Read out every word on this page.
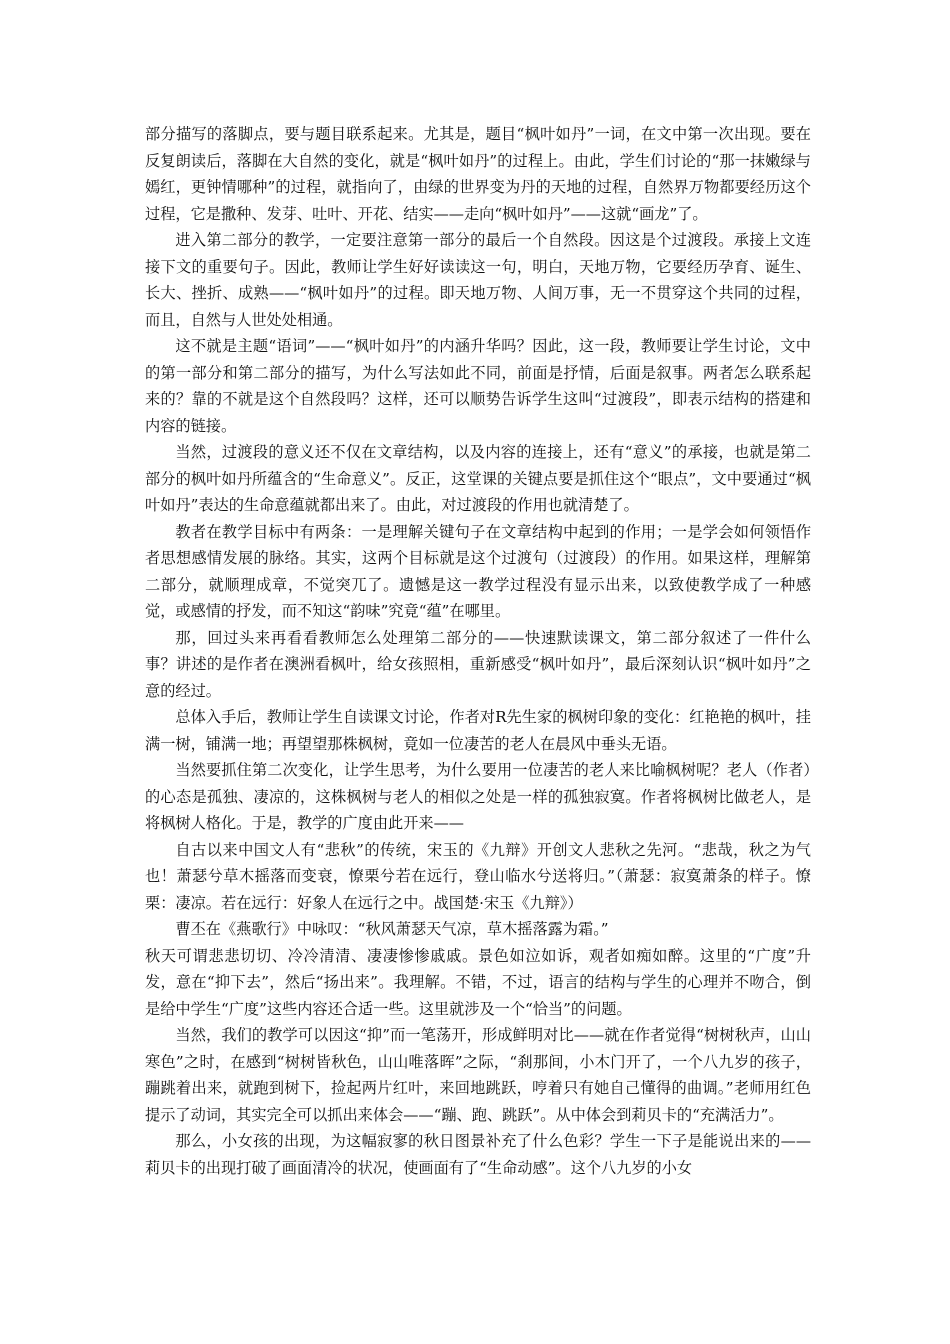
部分描写的落脚点，要与题目联系起来。尤其是，题目“枫叶如丹”一词，在文中第一次出现。要在反复朗读后，落脚在大自然的变化，就是“枫叶如丹”的过程上。由此，学生们讨论的“那一抹嫩绿与嫣红，更钟情哪种”的过程，就指向了，由绿的世界变为丹的天地的过程，自然界万物都要经历这个过程，它是撒种、发芽、吐叶、开花、结实——走向“枫叶如丹”——这就“画龙”了。

进入第二部分的教学，一定要注意第一部分的最后一个自然段。因这是个过渡段。承接上文连接下文的重要句子。因此，教师让学生好好读读这一句，明白，天地万物，它要经历孕育、诞生、长大、挫折、成熟——“枫叶如丹”的过程。即天地万物、人间万事，无一不贯穿这个共同的过程，而且，自然与人世处处相通。

这不就是主题“语词”——“枫叶如丹”的内涵升华吗？因此，这一段，教师要让学生讨论，文中的第一部分和第二部分的描写，为什么写法如此不同，前面是抒情，后面是叙事。两者怎么联系起来的？靠的不就是这个自然段吗？这样，还可以顺势告诉学生这叫“过渡段”，即表示结构的搭建和内容的链接。

当然，过渡段的意义还不仅在文章结构，以及内容的连接上，还有“意义”的承接，也就是第二部分的枫叶如丹所蕴含的“生命意义”。反正，这堂课的关键点要是抓住这个“眼点”，文中要通过“枫叶如丹”表达的生命意蕴就都出来了。由此，对过渡段的作用也就清楚了。

教者在教学目标中有两条：一是理解关键句子在文章结构中起到的作用；一是学会如何领悟作者思想感情发展的脉络。其实，这两个目标就是这个过渡句（过渡段）的作用。如果这样，理解第二部分，就顺理成章，不觉突兀了。遗憾是这一教学过程没有显示出来，以致使教学成了一种感觉，或感情的抒发，而不知这“韵味”究竟“蕴”在哪里。

那，回过头来再看看教师怎么处理第二部分的——快速默读课文，第二部分叙述了一件什么事？讲述的是作者在澳洲看枫叶，给女孩照相，重新感受“枫叶如丹”，最后深刻认识“枫叶如丹”之意的经过。

总体入手后，教师让学生自读课文讨论，作者对R先生家的枫树印象的变化：红艳艳的枫叶，挂满一树，铺满一地；再望望那株枫树，竟如一位凄苦的老人在晨风中垂头无语。

当然要抓住第二次变化，让学生思考，为什么要用一位凄苦的老人来比喻枫树呢？老人（作者）的心态是孤独、凄凉的，这株枫树与老人的相似之处是一样的孤独寂寞。作者将枫树比做老人，是将枫树人格化。于是，教学的广度由此开来——

自古以来中国文人有“悲秋”的传统，宋玉的《九辩》开创文人悲秋之先河。“悲哉，秋之为气也！萧瑟兮草木摇落而变衰，憭栗兮若在远行，登山临水兮送将归。”（萧瑟：寂寞萧条的样子。憭栗：凄凉。若在远行：好象人在远行之中。战国楚·宋玉《九辩》）

曹丕在《燕歌行》中咏叹：“秋风萧瑟天气凉，草木摇落露为霜。”

秋天可谓悲悲切切、冷冷清清、凄凄惨惨戚戚。景色如泣如诉，观者如痴如醉。这里的“广度”升发，意在“抑下去”，然后“扬出来”。我理解。不错，不过，语言的结构与学生的心理并不吻合，倒是给中学生“广度”这些内容还合适一些。这里就涉及一个“恰当”的问题。

当然，我们的教学可以因这“抑”而一笔荡开，形成鲜明对比——就在作者觉得“树树秋声，山山寒色”之时，在感到“树树皆秋色，山山唯落晖”之际，“刹那间，小木门开了，一个八九岁的孩子，蹦跳着出来，就跑到树下，捡起两片红叶，来回地跳跃，哼着只有她自己懂得的曲调。”老师用红色提示了动词，其实完全可以抓出来体会——“蹦、跑、跳跃”。从中体会到莉贝卡的“充满活力”。

那么，小女孩的出现，为这幅寂寥的秋日图景补充了什么色彩？学生一下子是能说出来的——莉贝卡的出现打破了画面清冷的状况，使画面有了“生命动感”。这个八九岁的小女
